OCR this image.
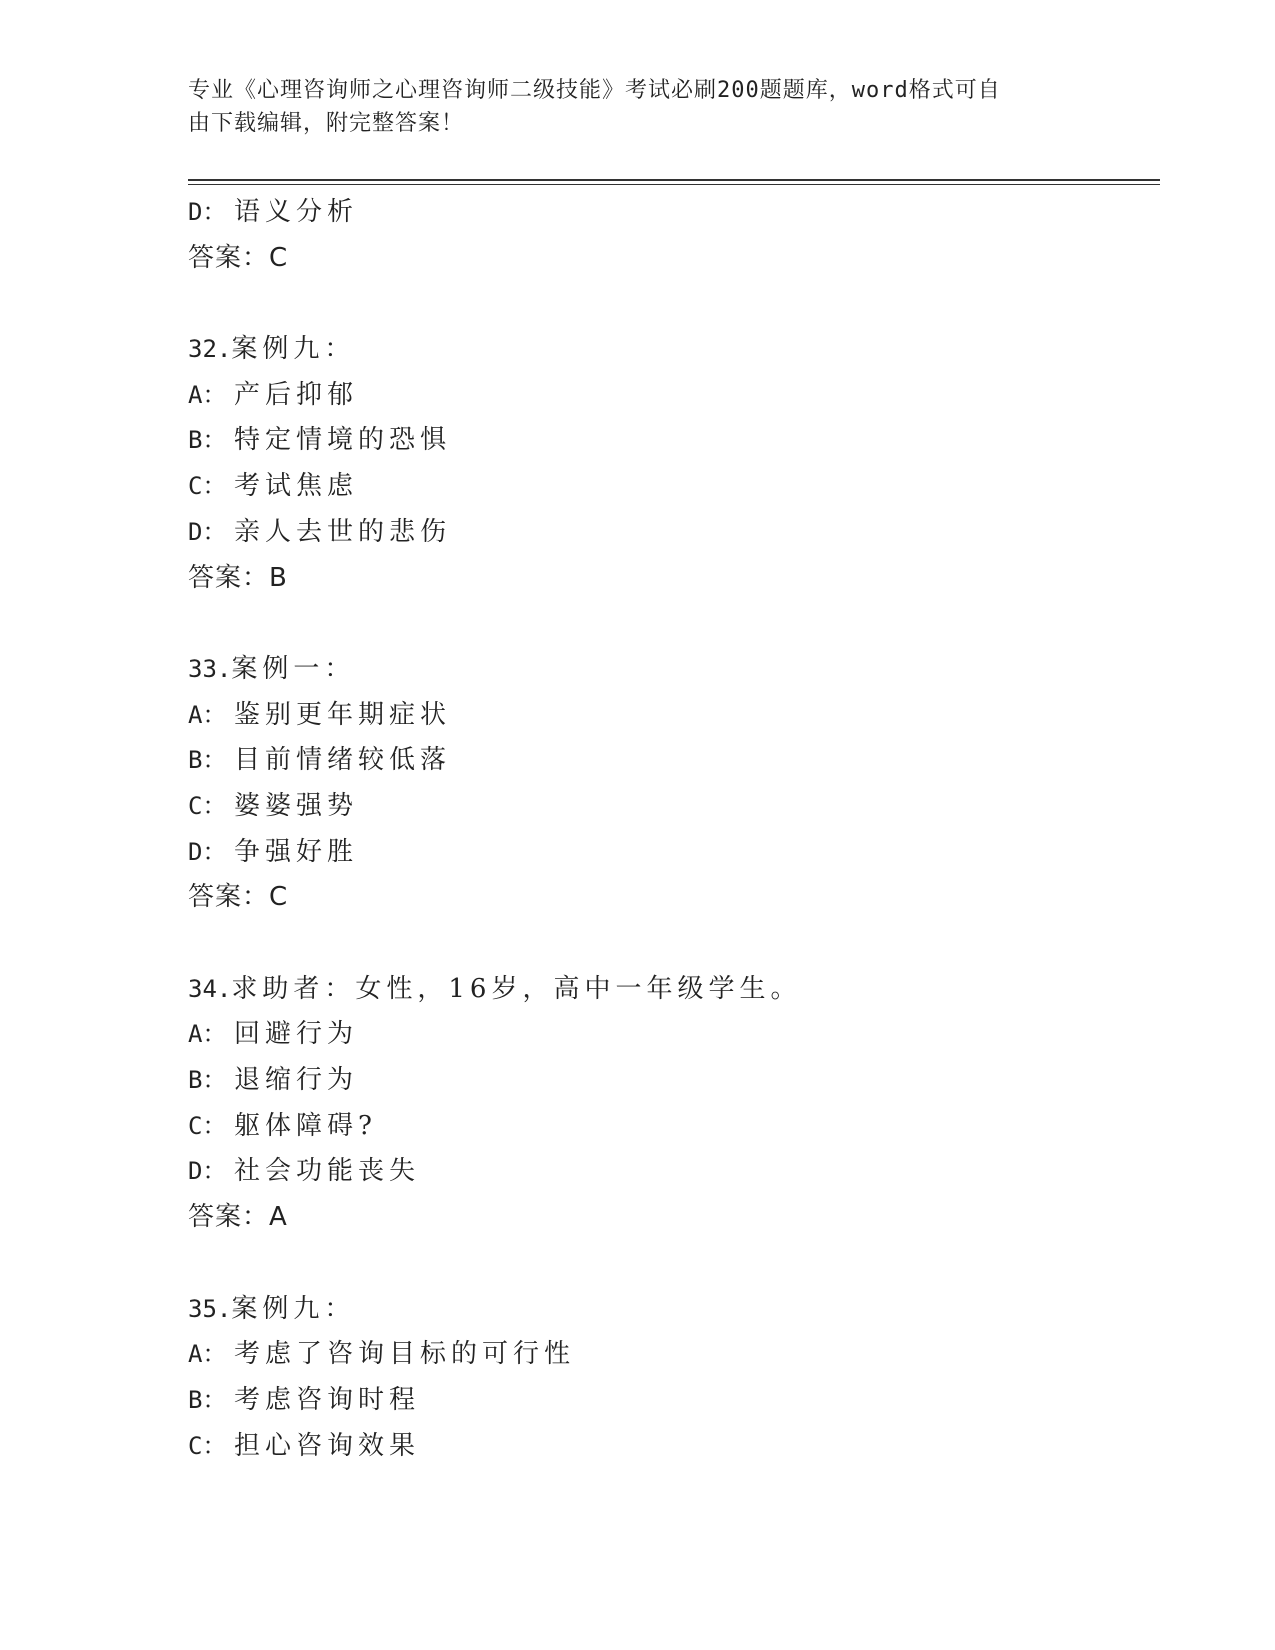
专业《心理咨询师之心理咨询师二级技能》考试必刷200题题库，word格式可自
由下载编辑，附完整答案！
D： 语义分析
答案：C
32.案例九：
A： 产后抑郁
B： 特定情境的恐惧
C： 考试焦虑
D： 亲人去世的悲伤
答案：B
33.案例一：
A： 鉴别更年期症状
B： 目前情绪较低落
C： 婆婆强势
D： 争强好胜
答案：C
34.求助者：女性，16岁，高中一年级学生。
A： 回避行为
B： 退缩行为
C： 躯体障碍?
D： 社会功能丧失
答案：A
35.案例九：
A： 考虑了咨询目标的可行性
B： 考虑咨询时程
C： 担心咨询效果
